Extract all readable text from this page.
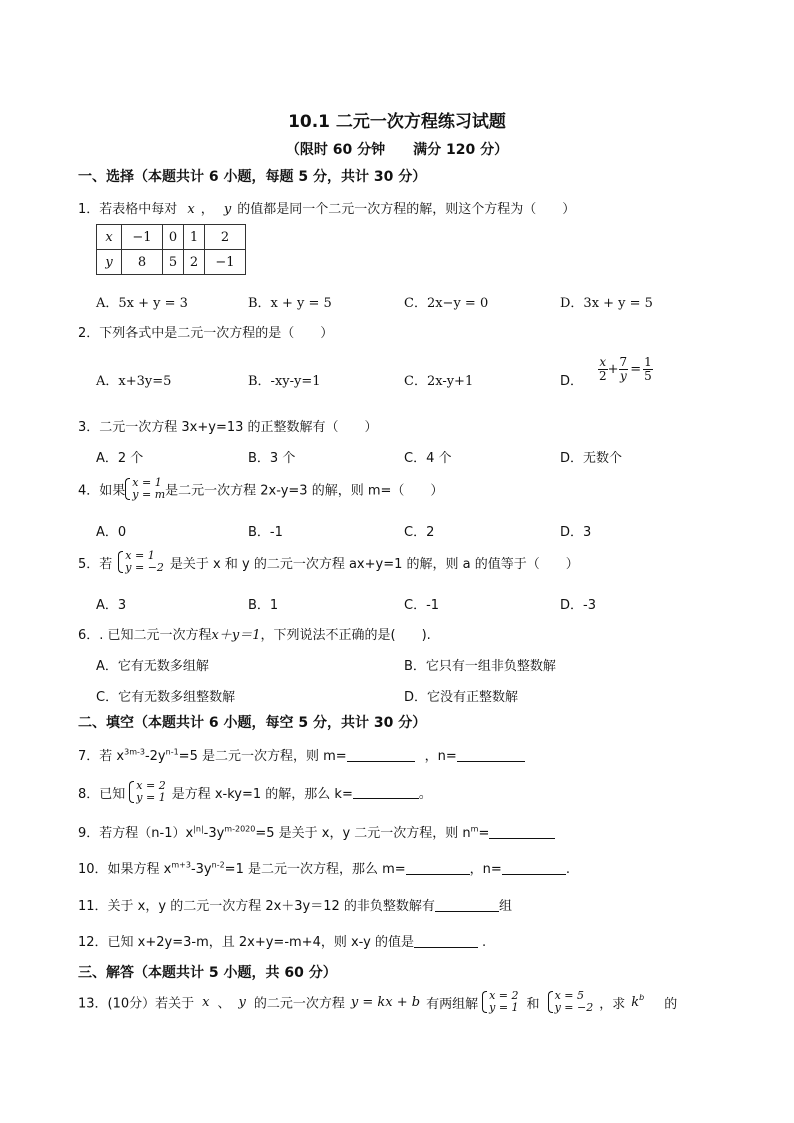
10.1 二元一次方程练习试题
（限时 60 分钟　　满分 120 分）
一、选择（本题共计 6 小题，每题 5 分，共计 30 分）
1．若表格中每对 x ， y 的值都是同一个二元一次方程的解，则这个方程为（　　）
x	−1	0	1	2
y	8	5	2	−1
A．5x + y = 3	B．x + y = 5	C．2x−y = 0	D．3x + y = 5
2．下列各式中是二元一次方程的是（　　）
A．x+3y=5	B．-xy-y=1	C．2x-y+1	D． $\frac{x}{2} + \frac{7}{y} = \frac{1}{5}$
3．二元一次方程 3x+y=13 的正整数解有（　　）
A．2 个	B．3 个	C．4 个	D．无数个
4．如果
x = 1
y = m 是二元一次方程 2x-y=3 的解，则 m=（　　）
A．0	B．-1	C．2	D．3
5．若
x = 1
y = −2 是关于 x 和 y 的二元一次方程 ax+y=1 的解，则 a 的值等于（　　）
A．3	B．1	C．-1	D．-3
6．. 已知二元一次方程x＋y＝1，下列说法不正确的是(　　).
A．它有无数多组解	B．它只有一组非负整数解
C．它有无数多组整数解	D．它没有正整数解
二、填空（本题共计 6 小题，每空 5 分，共计 30 分）
7．若 $x^{3m-3}-2y^{n-1}=5$ 是二元一次方程，则 m=	，n=
8．已知
x = 2
y = 1 是方程 x-ky=1 的解，那么 k=	。
9．若方程$(n-1)x^{|n|}-3y^{m-2020}=5$ 是关于 x，y 二元一次方程，则 $n^m=$
10．如果方程 $x^{m+3}-3y^{n-2}=1$ 是二元一次方程，那么 m=	，n=	.
11．关于 x，y 的二元一次方程 2x＋3y＝12 的非负整数解有	组
12．已知 x+2y=3-m，且 2x+y=-m+4，则 x-y 的值是	.
三、解答（本题共计 5 小题，共 60 分）
13．(10分）若关于 x 、 y 的二元一次方程 y = kx + b 有两组解
x = 2
y = 1 和
x = 5
y = −2 ，求 $k^b$ 的
